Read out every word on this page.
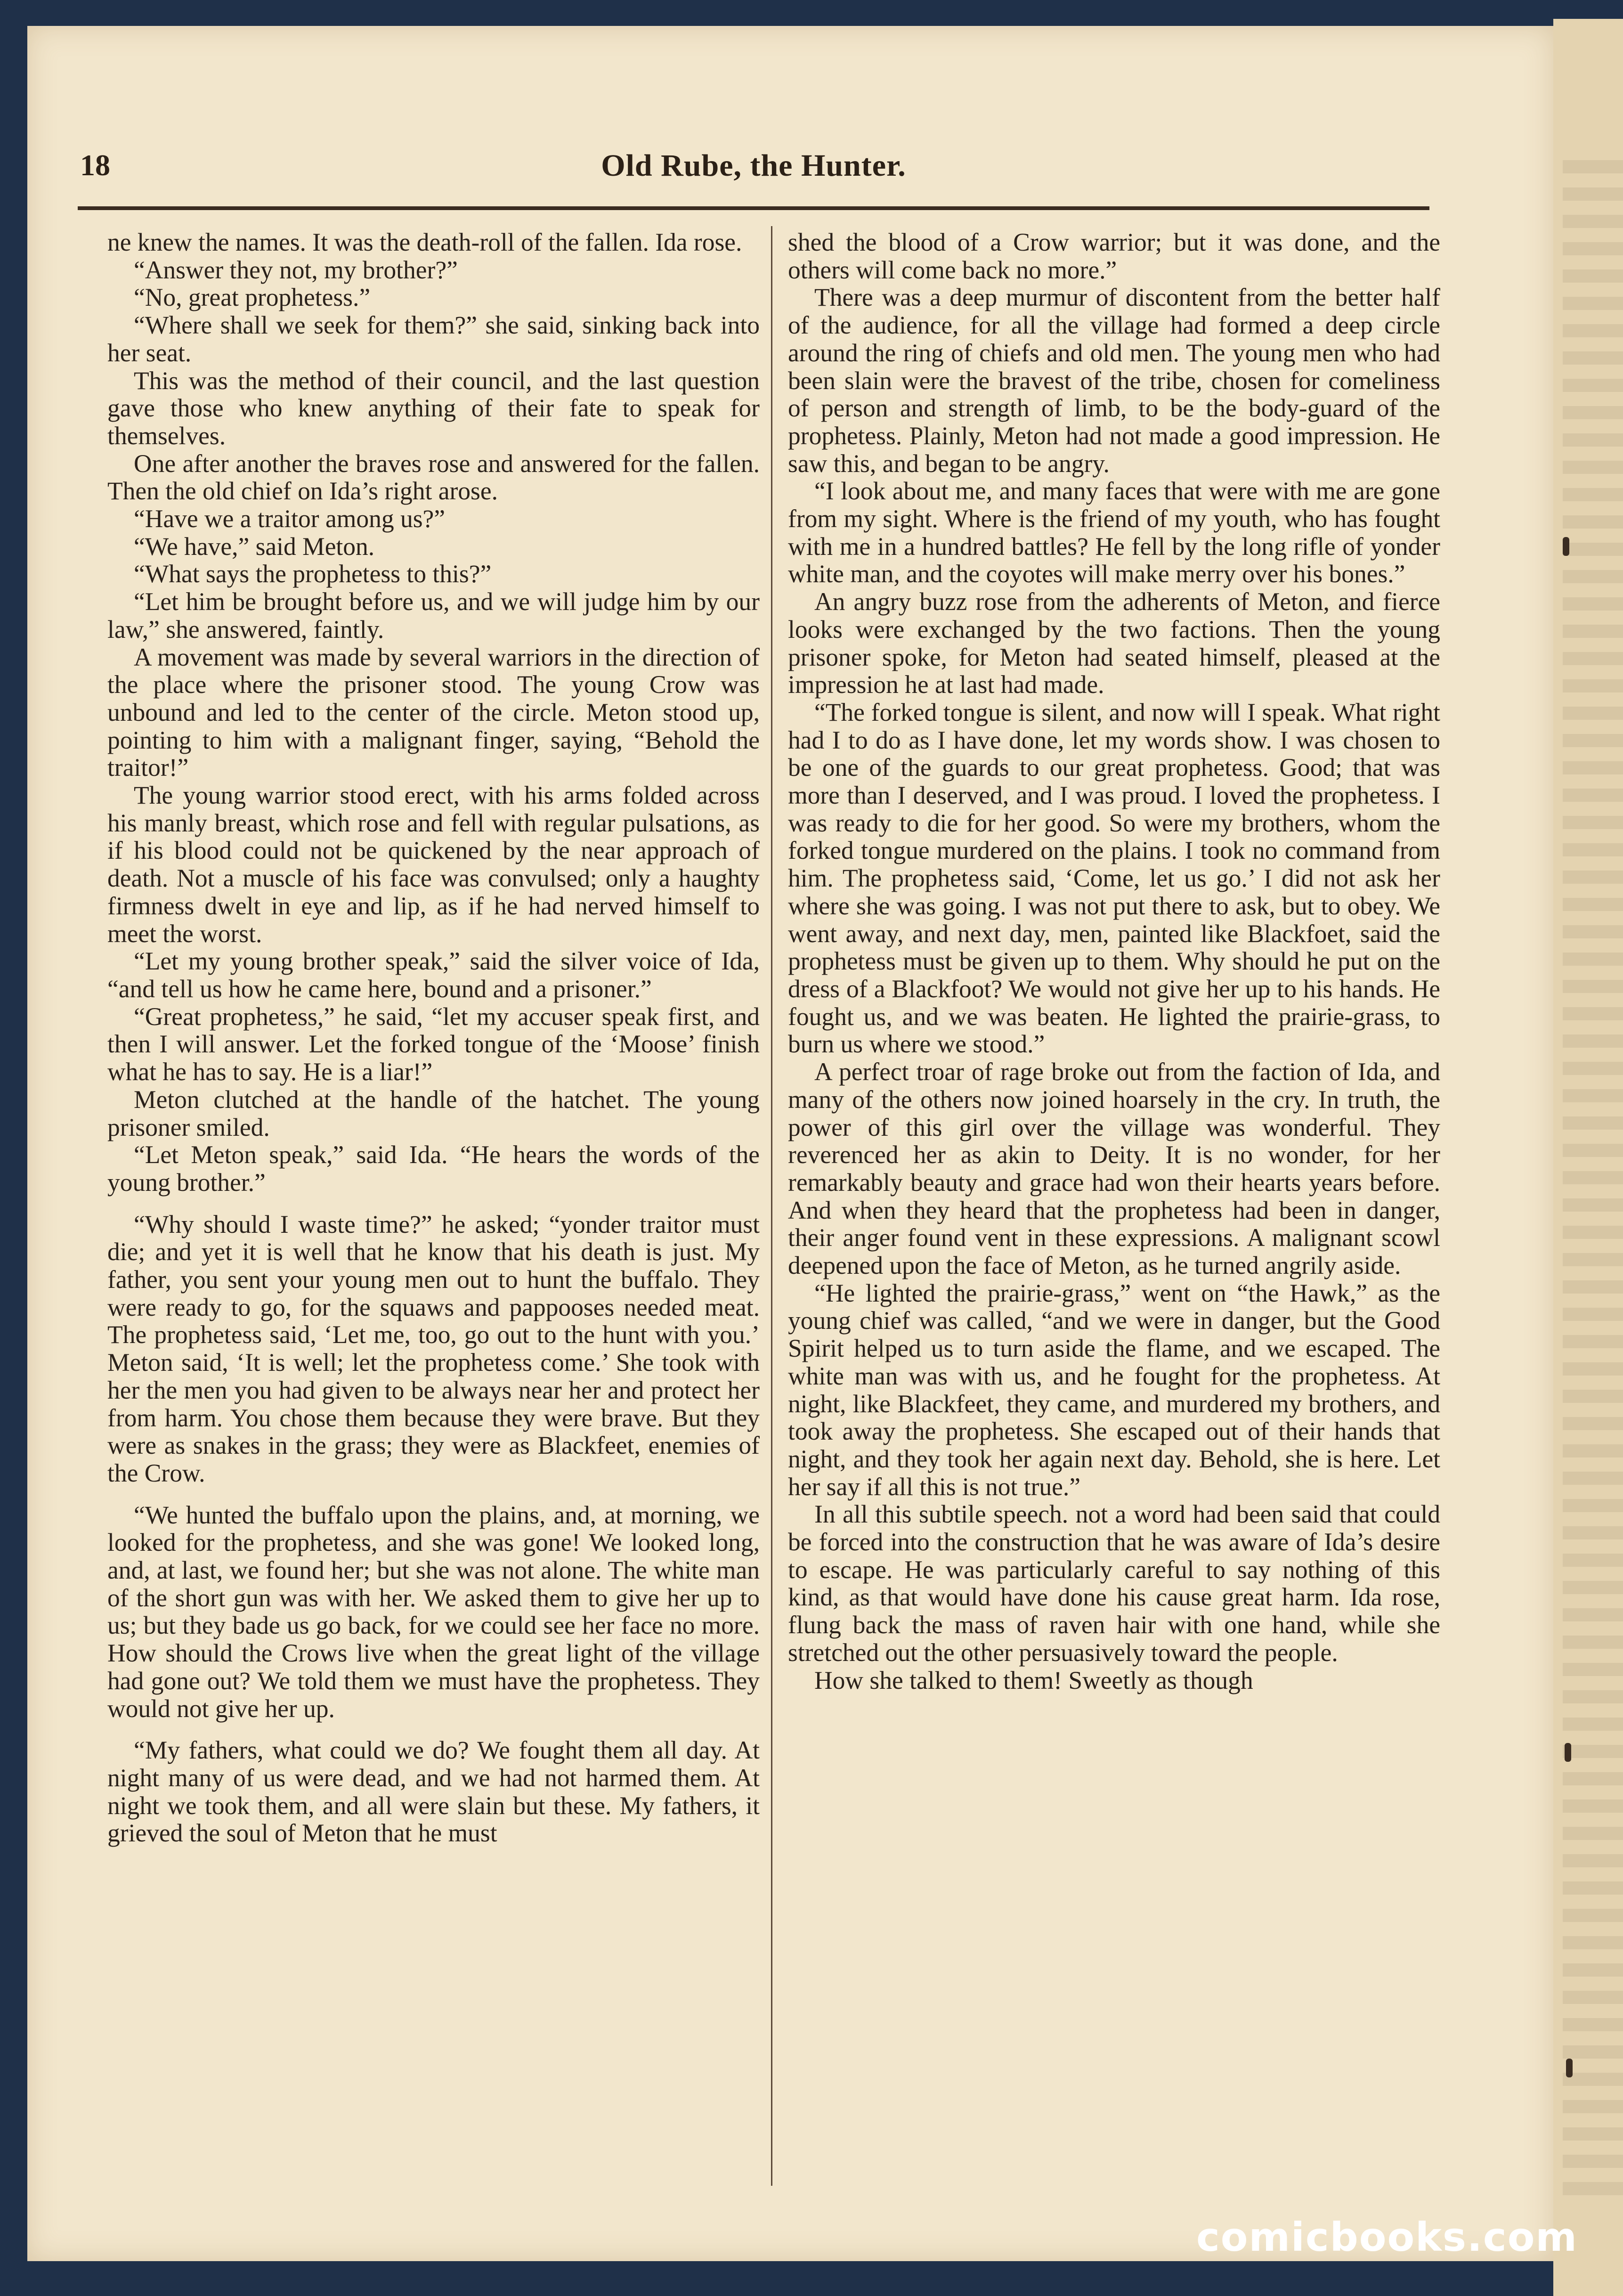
18	Old Rube, the Hunter.

ne knew the names. It was the death-roll of the fallen. Ida rose.

“Answer they not, my brother?”

“No, great prophetess.”

“Where shall we seek for them?” she said, sinking back into her seat.

This was the method of their council, and the last question gave those who knew anything of their fate to speak for themselves.

One after another the braves rose and answered for the fallen. Then the old chief on Ida’s right arose.

“Have we a traitor among us?”

“We have,” said Meton.

“What says the prophetess to this?”

“Let him be brought before us, and we will judge him by our law,” she answered, faintly.

A movement was made by several warriors in the direction of the place where the prisoner stood. The young Crow was unbound and led to the center of the circle. Meton stood up, pointing to him with a malignant finger, saying, “Behold the traitor!”

The young warrior stood erect, with his arms folded across his manly breast, which rose and fell with regular pulsations, as if his blood could not be quickened by the near approach of death. Not a muscle of his face was convulsed; only a haughty firmness dwelt in eye and lip, as if he had nerved himself to meet the worst.

“Let my young brother speak,” said the silver voice of Ida, “and tell us how he came here, bound and a prisoner.”

“Great prophetess,” he said, “let my accuser speak first, and then I will answer. Let the forked tongue of the ‘Moose’ finish what he has to say. He is a liar!”

Meton clutched at the handle of the hatchet. The young prisoner smiled.

“Let Meton speak,” said Ida. “He hears the words of the young brother.”

“Why should I waste time?” he asked; “yonder traitor must die; and yet it is well that he know that his death is just. My father, you sent your young men out to hunt the buffalo. They were ready to go, for the squaws and pappooses needed meat. The prophetess said, ‘Let me, too, go out to the hunt with you.’ Meton said, ‘It is well; let the prophetess come.’ She took with her the men you had given to be always near her and protect her from harm. You chose them because they were brave. But they were as snakes in the grass; they were as Blackfeet, enemies of the Crow.

“We hunted the buffalo upon the plains, and, at morning, we looked for the prophetess, and she was gone! We looked long, and, at last, we found her; but she was not alone. The white man of the short gun was with her. We asked them to give her up to us; but they bade us go back, for we could see her face no more. How should the Crows live when the great light of the village had gone out? We told them we must have the prophetess. They would not give her up.

“My fathers, what could we do? We fought them all day. At night many of us were dead, and we had not harmed them. At night we took them, and all were slain but these. My fathers, it grieved the soul of Meton that he must

shed the blood of a Crow warrior; but it was done, and the others will come back no more.”

There was a deep murmur of discontent from the better half of the audience, for all the village had formed a deep circle around the ring of chiefs and old men. The young men who had been slain were the bravest of the tribe, chosen for comeliness of person and strength of limb, to be the body-guard of the prophetess. Plainly, Meton had not made a good impression. He saw this, and began to be angry.

“I look about me, and many faces that were with me are gone from my sight. Where is the friend of my youth, who has fought with me in a hundred battles? He fell by the long rifle of yonder white man, and the coyotes will make merry over his bones.”

An angry buzz rose from the adherents of Meton, and fierce looks were exchanged by the two factions. Then the young prisoner spoke, for Meton had seated himself, pleased at the impression he at last had made.

“The forked tongue is silent, and now will I speak. What right had I to do as I have done, let my words show. I was chosen to be one of the guards to our great prophetess. Good; that was more than I deserved, and I was proud. I loved the prophetess. I was ready to die for her good. So were my brothers, whom the forked tongue murdered on the plains. I took no command from him. The prophetess said, ‘Come, let us go.’ I did not ask her where she was going. I was not put there to ask, but to obey. We went away, and next day, men, painted like Blackfoet, said the prophetess must be given up to them. Why should he put on the dress of a Blackfoot? We would not give her up to his hands. He fought us, and we was beaten. He lighted the prairie-grass, to burn us where we stood.”

A perfect troar of rage broke out from the faction of Ida, and many of the others now joined hoarsely in the cry. In truth, the power of this girl over the village was wonderful. They reverenced her as akin to Deity. It is no wonder, for her remarkably beauty and grace had won their hearts years before. And when they heard that the prophetess had been in danger, their anger found vent in these expressions. A malignant scowl deepened upon the face of Meton, as he turned angrily aside.

“He lighted the prairie-grass,” went on “the Hawk,” as the young chief was called, “and we were in danger, but the Good Spirit helped us to turn aside the flame, and we escaped. The white man was with us, and he fought for the prophetess. At night, like Blackfeet, they came, and murdered my brothers, and took away the prophetess. She escaped out of their hands that night, and they took her again next day. Behold, she is here. Let her say if all this is not true.”

In all this subtile speech. not a word had been said that could be forced into the construction that he was aware of Ida’s desire to escape. He was particularly careful to say nothing of this kind, as that would have done his cause great harm. Ida rose, flung back the mass of raven hair with one hand, while she stretched out the other persuasively toward the people.

How she talked to them! Sweetly as though

comicbooks.com
